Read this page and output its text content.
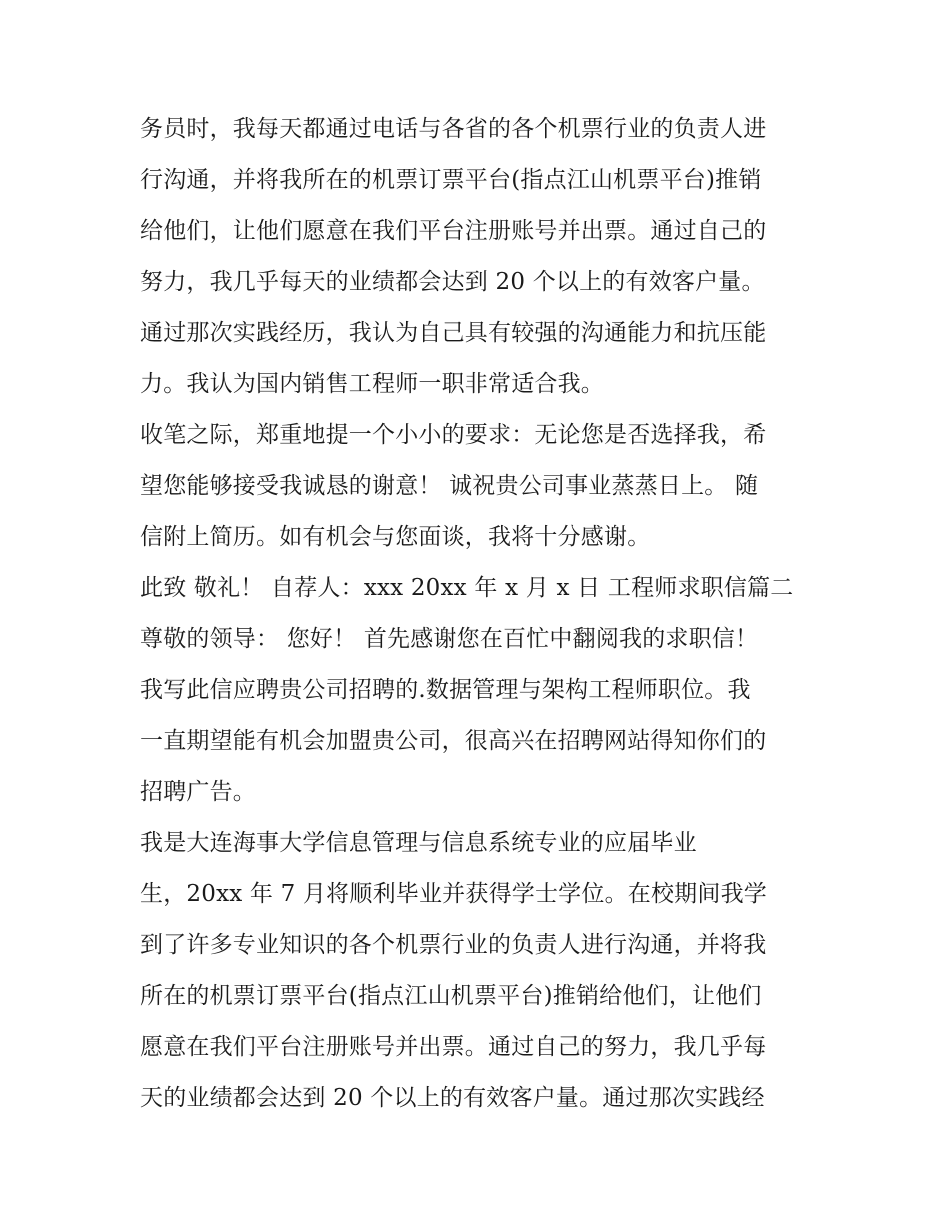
务员时，我每天都通过电话与各省的各个机票行业的负责人进
行沟通，并将我所在的机票订票平台(指点江山机票平台)推销
给他们，让他们愿意在我们平台注册账号并出票。通过自己的
努力，我几乎每天的业绩都会达到 20 个以上的有效客户量。
通过那次实践经历，我认为自己具有较强的沟通能力和抗压能
力。我认为国内销售工程师一职非常适合我。
收笔之际，郑重地提一个小小的要求：无论您是否选择我，希
望您能够接受我诚恳的谢意！ 诚祝贵公司事业蒸蒸日上。 随
信附上简历。如有机会与您面谈，我将十分感谢。
此致 敬礼！ 自荐人：xxx 20xx 年 x 月 x 日 工程师求职信篇二
尊敬的领导： 您好！ 首先感谢您在百忙中翻阅我的求职信！
我写此信应聘贵公司招聘的.数据管理与架构工程师职位。我
一直期望能有机会加盟贵公司，很高兴在招聘网站得知你们的
招聘广告。
我是大连海事大学信息管理与信息系统专业的应届毕业
生，20xx 年 7 月将顺利毕业并获得学士学位。在校期间我学
到了许多专业知识的各个机票行业的负责人进行沟通，并将我
所在的机票订票平台(指点江山机票平台)推销给他们，让他们
愿意在我们平台注册账号并出票。通过自己的努力，我几乎每
天的业绩都会达到 20 个以上的有效客户量。通过那次实践经
